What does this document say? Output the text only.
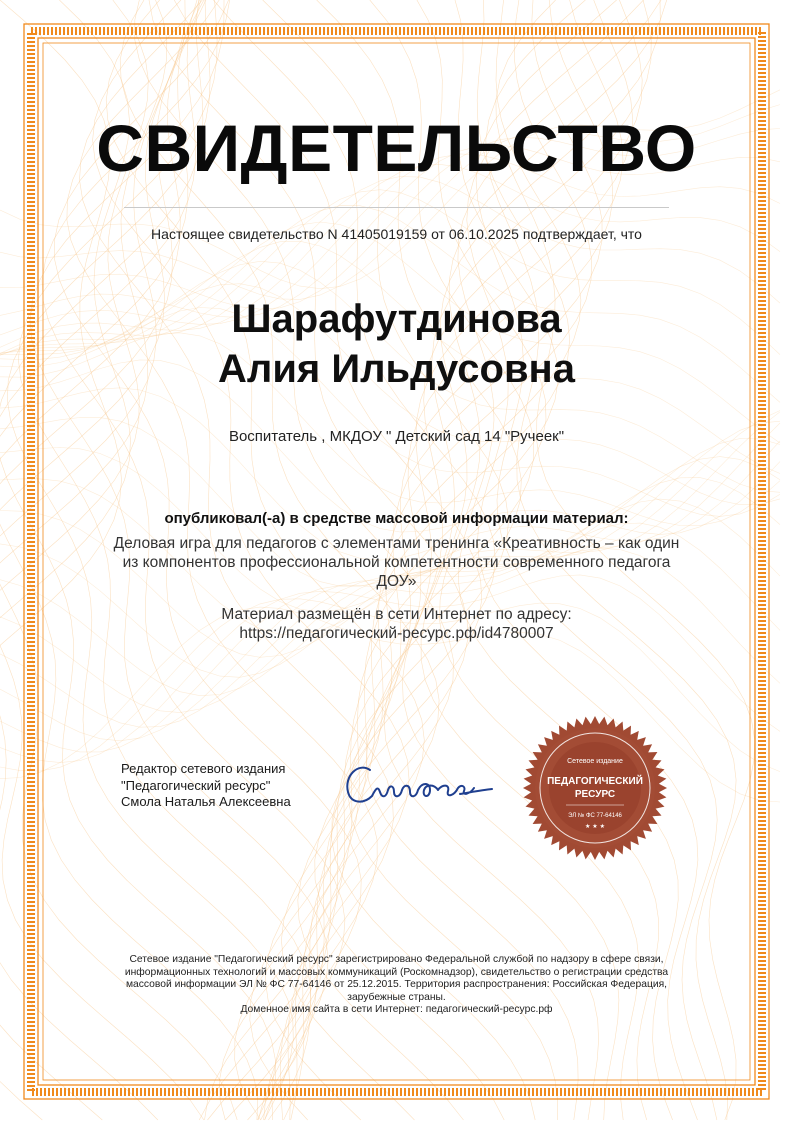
СВИДЕТЕЛЬСТВО
Настоящее свидетельство N 41405019159 от 06.10.2025 подтверждает, что
Шарафутдинова
Алия Ильдусовна
Воспитатель , МКДОУ " Детский сад 14 "Ручеек"
опубликовал(-а) в средстве массовой информации материал:
Деловая игра для педагогов с элементами тренинга «Креативность – как один из компонентов профессиональной компетентности современного педагога ДОУ»
Материал размещён в сети Интернет по адресу:
https://педагогический-ресурс.рф/id4780007
Редактор сетевого издания
"Педагогический ресурс"
Смола Наталья Алексеевна
Сетевое издание
ПЕДАГОГИЧЕСКИЙ
РЕСУРС
ЭЛ № ФС 77-64146
★ ★ ★
Сетевое издание "Педагогический ресурс" зарегистрировано Федеральной службой по надзору в сфере связи, информационных технологий и массовых коммуникаций (Роскомнадзор), свидетельство о регистрации средства массовой информации ЭЛ № ФС 77-64146 от 25.12.2015. Территория распространения: Российская Федерация, зарубежные страны.
Доменное имя сайта в сети Интернет: педагогический-ресурс.рф
